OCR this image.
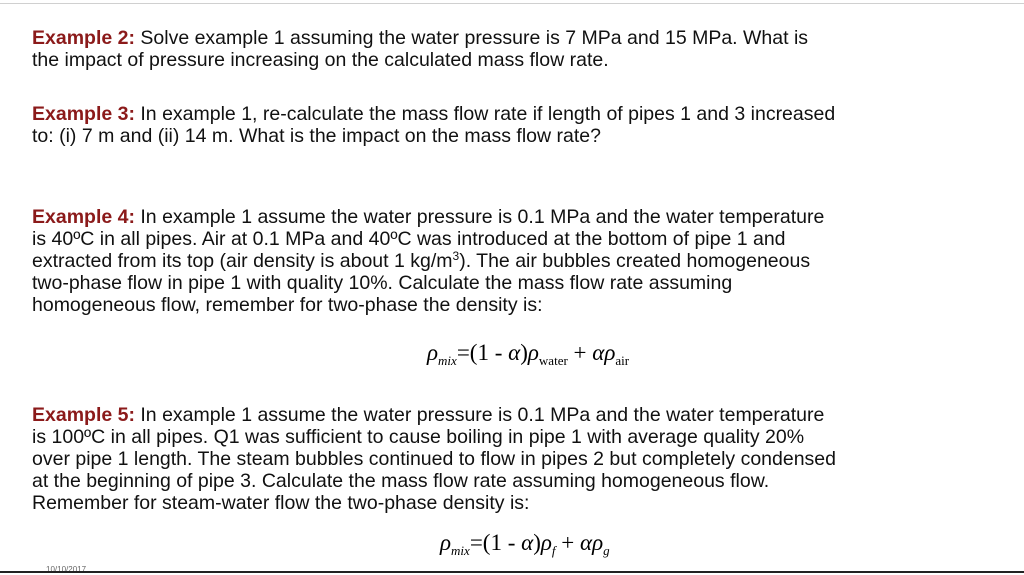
Example 2: Solve example 1 assuming the water pressure is 7 MPa and 15 MPa. What is
the impact of pressure increasing on the calculated mass flow rate.
Example 3: In example 1, re-calculate the mass flow rate if length of pipes 1 and 3 increased
to: (i) 7 m and (ii) 14 m. What is the impact on the mass flow rate?
Example 4: In example 1 assume the water pressure is 0.1 MPa and the water temperature
is 40ºC in all pipes. Air at 0.1 MPa and 40ºC was introduced at the bottom of pipe 1 and
extracted from its top (air density is about 1 $kg/m^3$). The air bubbles created homogeneous
two-phase flow in pipe 1 with quality 10%. Calculate the mass flow rate assuming
homogeneous flow, remember for two-phase the density is:
$\rho_{mix}=(1 - \alpha)\rho_{water} + \alpha\rho_{air}$
Example 5: In example 1 assume the water pressure is 0.1 MPa and the water temperature
is 100ºC in all pipes. Q1 was sufficient to cause boiling in pipe 1 with average quality 20%
over pipe 1 length. The steam bubbles continued to flow in pipes 2 but completely condensed
at the beginning of pipe 3. Calculate the mass flow rate assuming homogeneous flow.
Remember for steam-water flow the two-phase density is:
$\rho_{mix}=(1 - \alpha)\rho_f + \alpha\rho_g$
10/10/2017
